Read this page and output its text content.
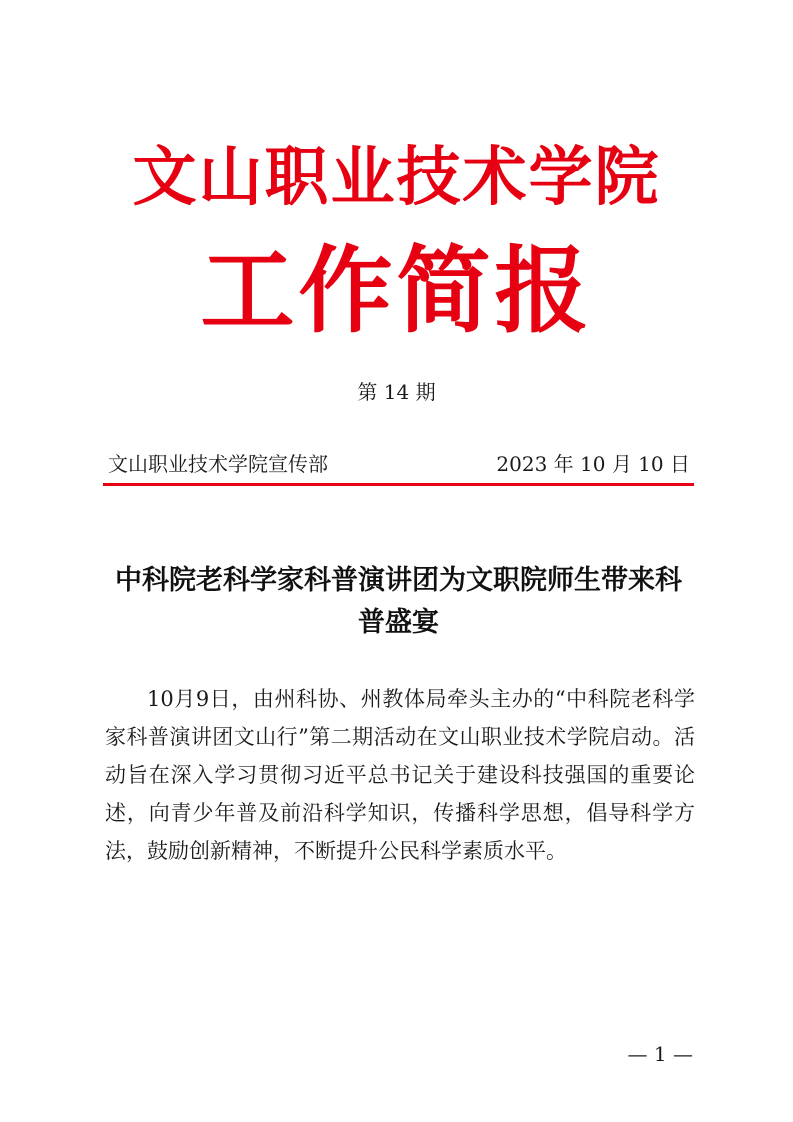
文山职业技术学院
工作简报
第 14 期
文山职业技术学院宣传部	2023 年 10 月 10 日
中科院老科学家科普演讲团为文职院师生带来科普盛宴

10月9日，由州科协、州教体局牵头主办的“中科院老科学家科普演讲团文山行”第二期活动在文山职业技术学院启动。活动旨在深入学习贯彻习近平总书记关于建设科技强国的重要论述，向青少年普及前沿科学知识，传播科学思想，倡导科学方法，鼓励创新精神，不断提升公民科学素质水平。

— 1 —
